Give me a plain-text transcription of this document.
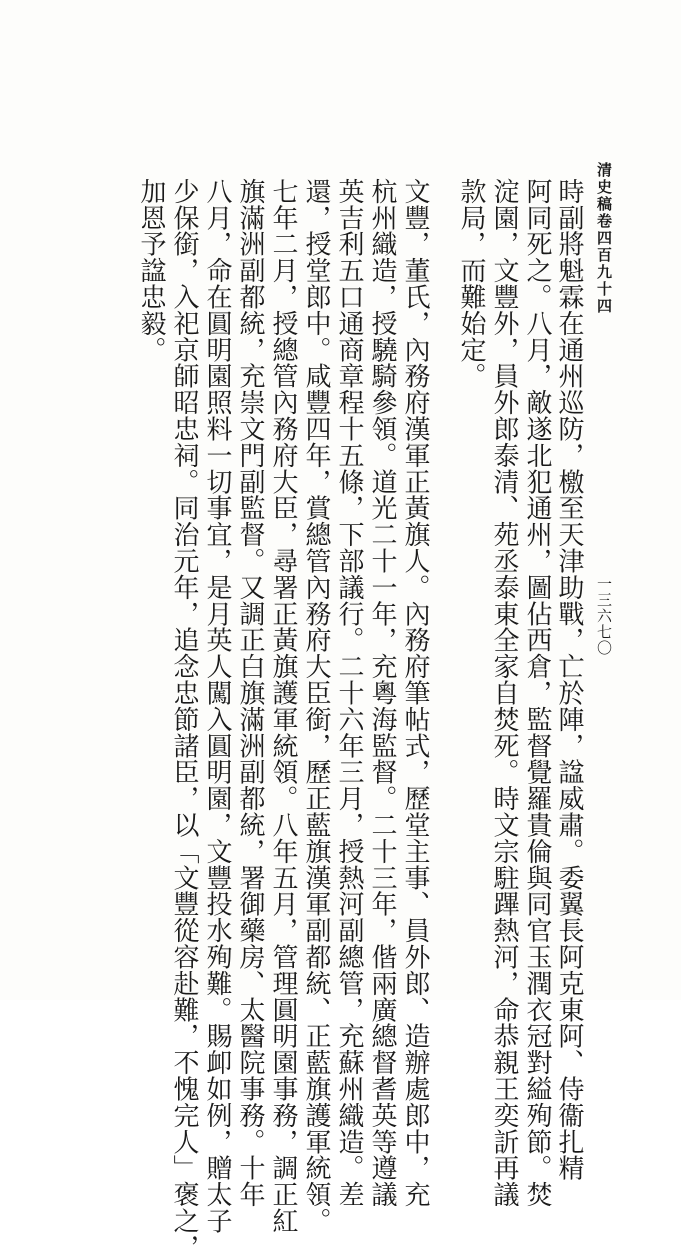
清史稿卷四百九十四
一三六七〇
時副將魁霖在通州巡防，檄至天津助戰，亡於陣，諡威肅。委翼長阿克東阿、侍衞扎精
阿同死之。八月，敵遂北犯通州，圖佔西倉，監督覺羅貴倫與同官玉潤衣冠對縊殉節。焚
淀園，文豐外，員外郎泰清、苑丞泰東全家自焚死。時文宗駐蹕熱河，命恭親王奕訢再議
款局，而難始定。
文豐，董氏，內務府漢軍正黃旗人。內務府筆帖式，歷堂主事、員外郎、造辦處郎中，充
杭州織造，授驍騎參領。道光二十一年，充粵海監督。二十三年，偕兩廣總督耆英等遵議
英吉利五口通商章程十五條，下部議行。二十六年三月，授熱河副總管，充蘇州織造。差
還，授堂郎中。咸豐四年，賞總管內務府大臣銜，歷正藍旗漢軍副都統、正藍旗護軍統領。
七年二月，授總管內務府大臣，尋署正黃旗護軍統領。八年五月，管理圓明園事務，調正紅
旗滿洲副都統，充崇文門副監督。又調正白旗滿洲副都統，署御藥房、太醫院事務。十年
八月，命在圓明園照料一切事宜，是月英人闖入圓明園，文豐投水殉難。賜卹如例，贈太子
少保銜，入祀京師昭忠祠。同治元年，追念忠節諸臣，以「文豐從容赴難，不愧完人」褒之，
加恩予諡忠毅。
